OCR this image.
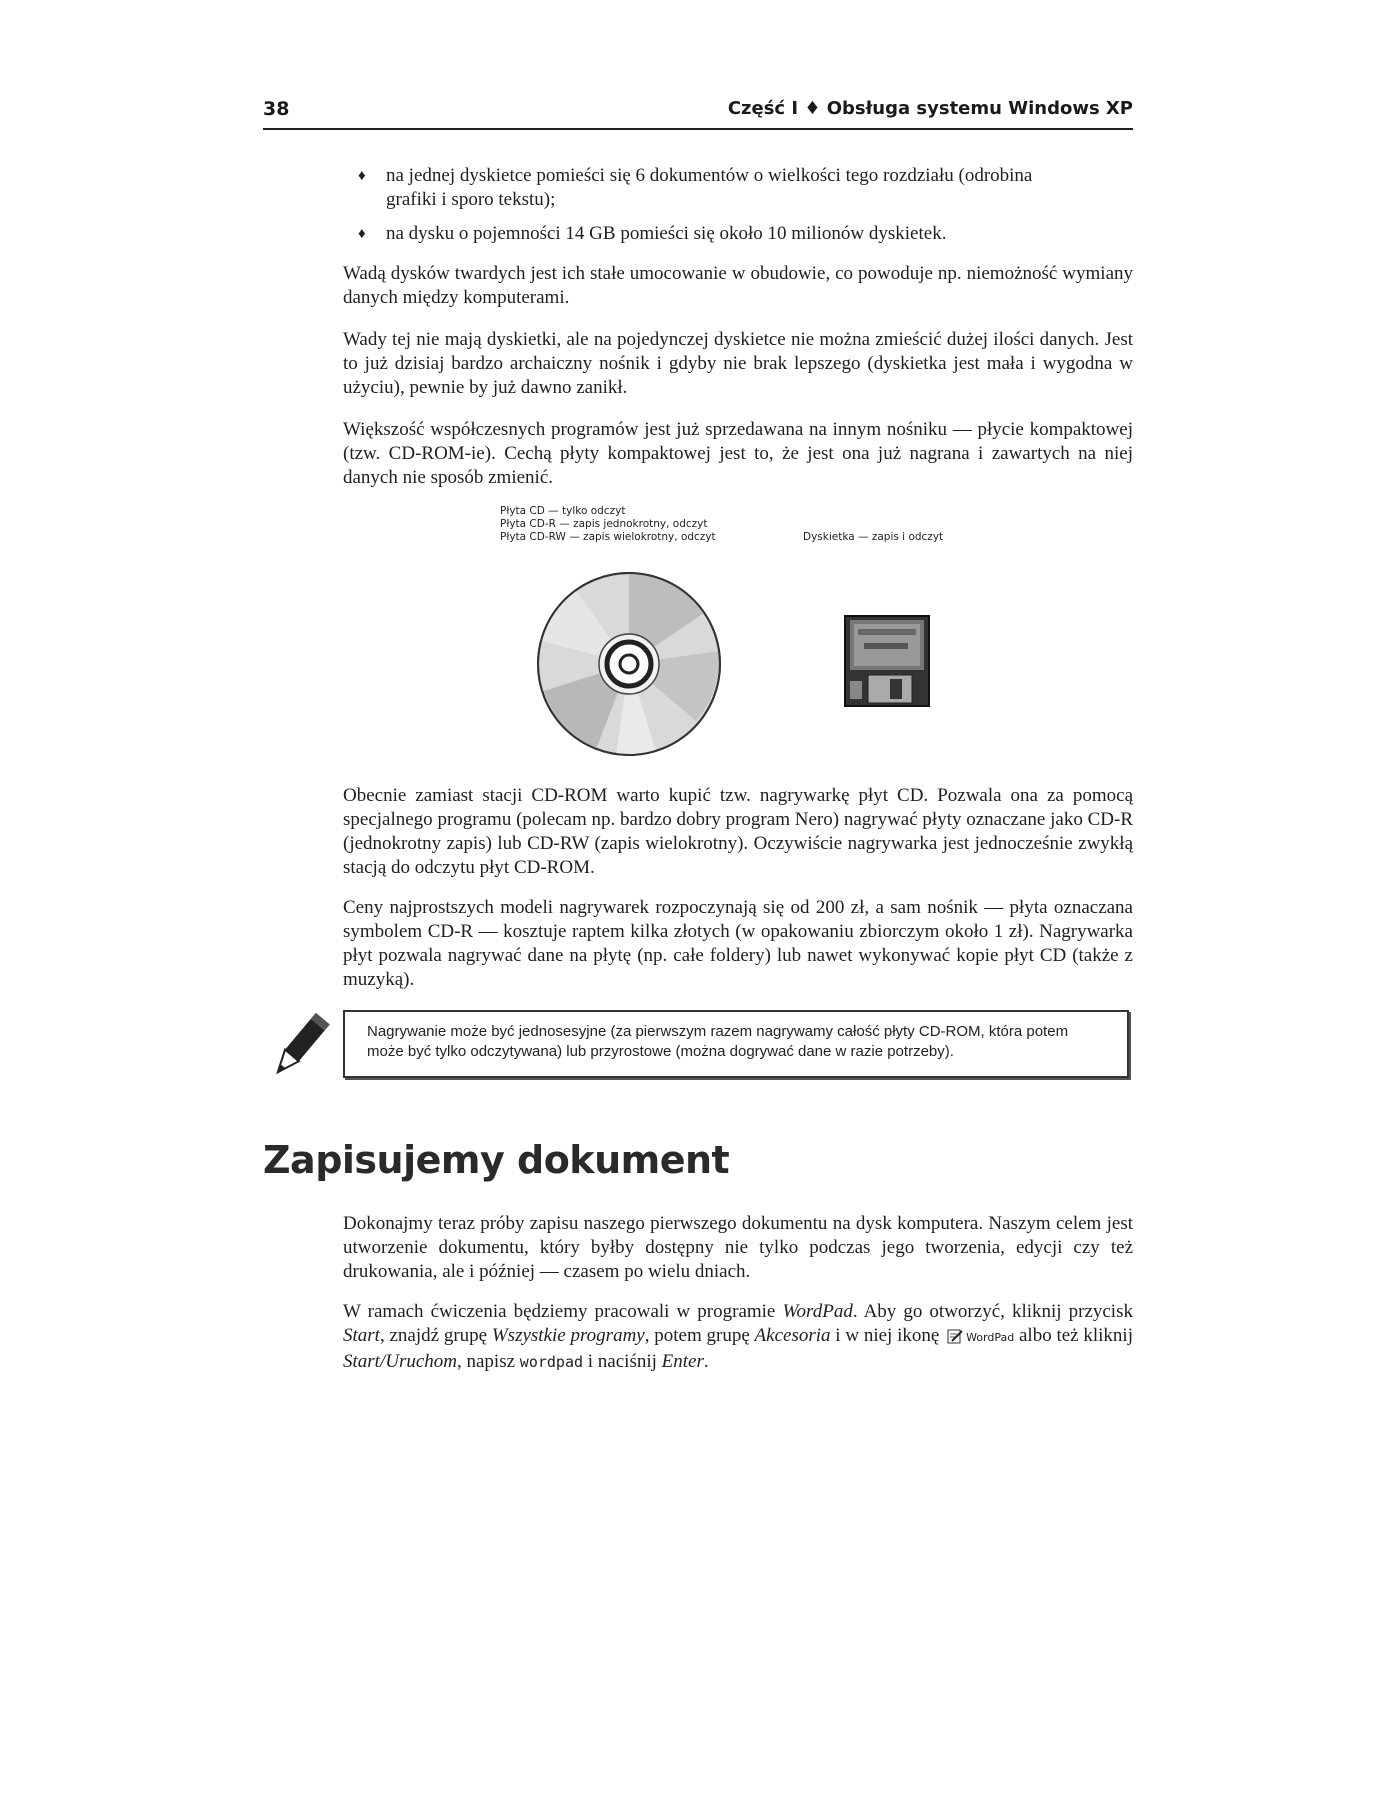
38	Część I ♦ Obsługa systemu Windows XP
♦ na jednej dyskietce pomieści się 6 dokumentów o wielkości tego rozdziału (odrobina grafiki i sporo tekstu);
♦ na dysku o pojemności 14 GB pomieści się około 10 milionów dyskietek.

Wadą dysków twardych jest ich stałe umocowanie w obudowie, co powoduje np. niemożność wymiany danych między komputerami.

Wady tej nie mają dyskietki, ale na pojedynczej dyskietce nie można zmieścić dużej ilości danych. Jest to już dzisiaj bardzo archaiczny nośnik i gdyby nie brak lepszego (dyskietka jest mała i wygodna w użyciu), pewnie by już dawno zanikł.

Większość współczesnych programów jest już sprzedawana na innym nośniku — płycie kompaktowej (tzw. CD-ROM-ie). Cechą płyty kompaktowej jest to, że jest ona już nagrana i zawartych na niej danych nie sposób zmienić.

Płyta CD — tylko odczyt
Płyta CD-R — zapis jednokrotny, odczyt
Płyta CD-RW — zapis wielokrotny, odczyt	Dyskietka — zapis i odczyt

Obecnie zamiast stacji CD-ROM warto kupić tzw. nagrywarkę płyt CD. Pozwala ona za pomocą specjalnego programu (polecam np. bardzo dobry program Nero) nagrywać płyty oznaczane jako CD-R (jednokrotny zapis) lub CD-RW (zapis wielokrotny). Oczywiście nagrywarka jest jednocześnie zwykłą stacją do odczytu płyt CD-ROM.

Ceny najprostszych modeli nagrywarek rozpoczynają się od 200 zł, a sam nośnik — płyta oznaczana symbolem CD-R — kosztuje raptem kilka złotych (w opakowaniu zbiorczym około 1 zł). Nagrywarka płyt pozwala nagrywać dane na płytę (np. całe foldery) lub nawet wykonywać kopie płyt CD (także z muzyką).

Nagrywanie może być jednosesyjne (za pierwszym razem nagrywamy całość płyty CD-ROM, która potem może być tylko odczytywana) lub przyrostowe (można dogrywać dane w razie potrzeby).
Zapisujemy dokument

Dokonajmy teraz próby zapisu naszego pierwszego dokumentu na dysk komputera. Naszym celem jest utworzenie dokumentu, który byłby dostępny nie tylko podczas jego tworzenia, edycji czy też drukowania, ale i później — czasem po wielu dniach.

W ramach ćwiczenia będziemy pracowali w programie WordPad. Aby go otworzyć, kliknij przycisk Start, znajdź grupę Wszystkie programy, potem grupę Akcesoria i w niej ikonę WordPad albo też kliknij Start/Uruchom, napisz wordpad i naciśnij Enter.
